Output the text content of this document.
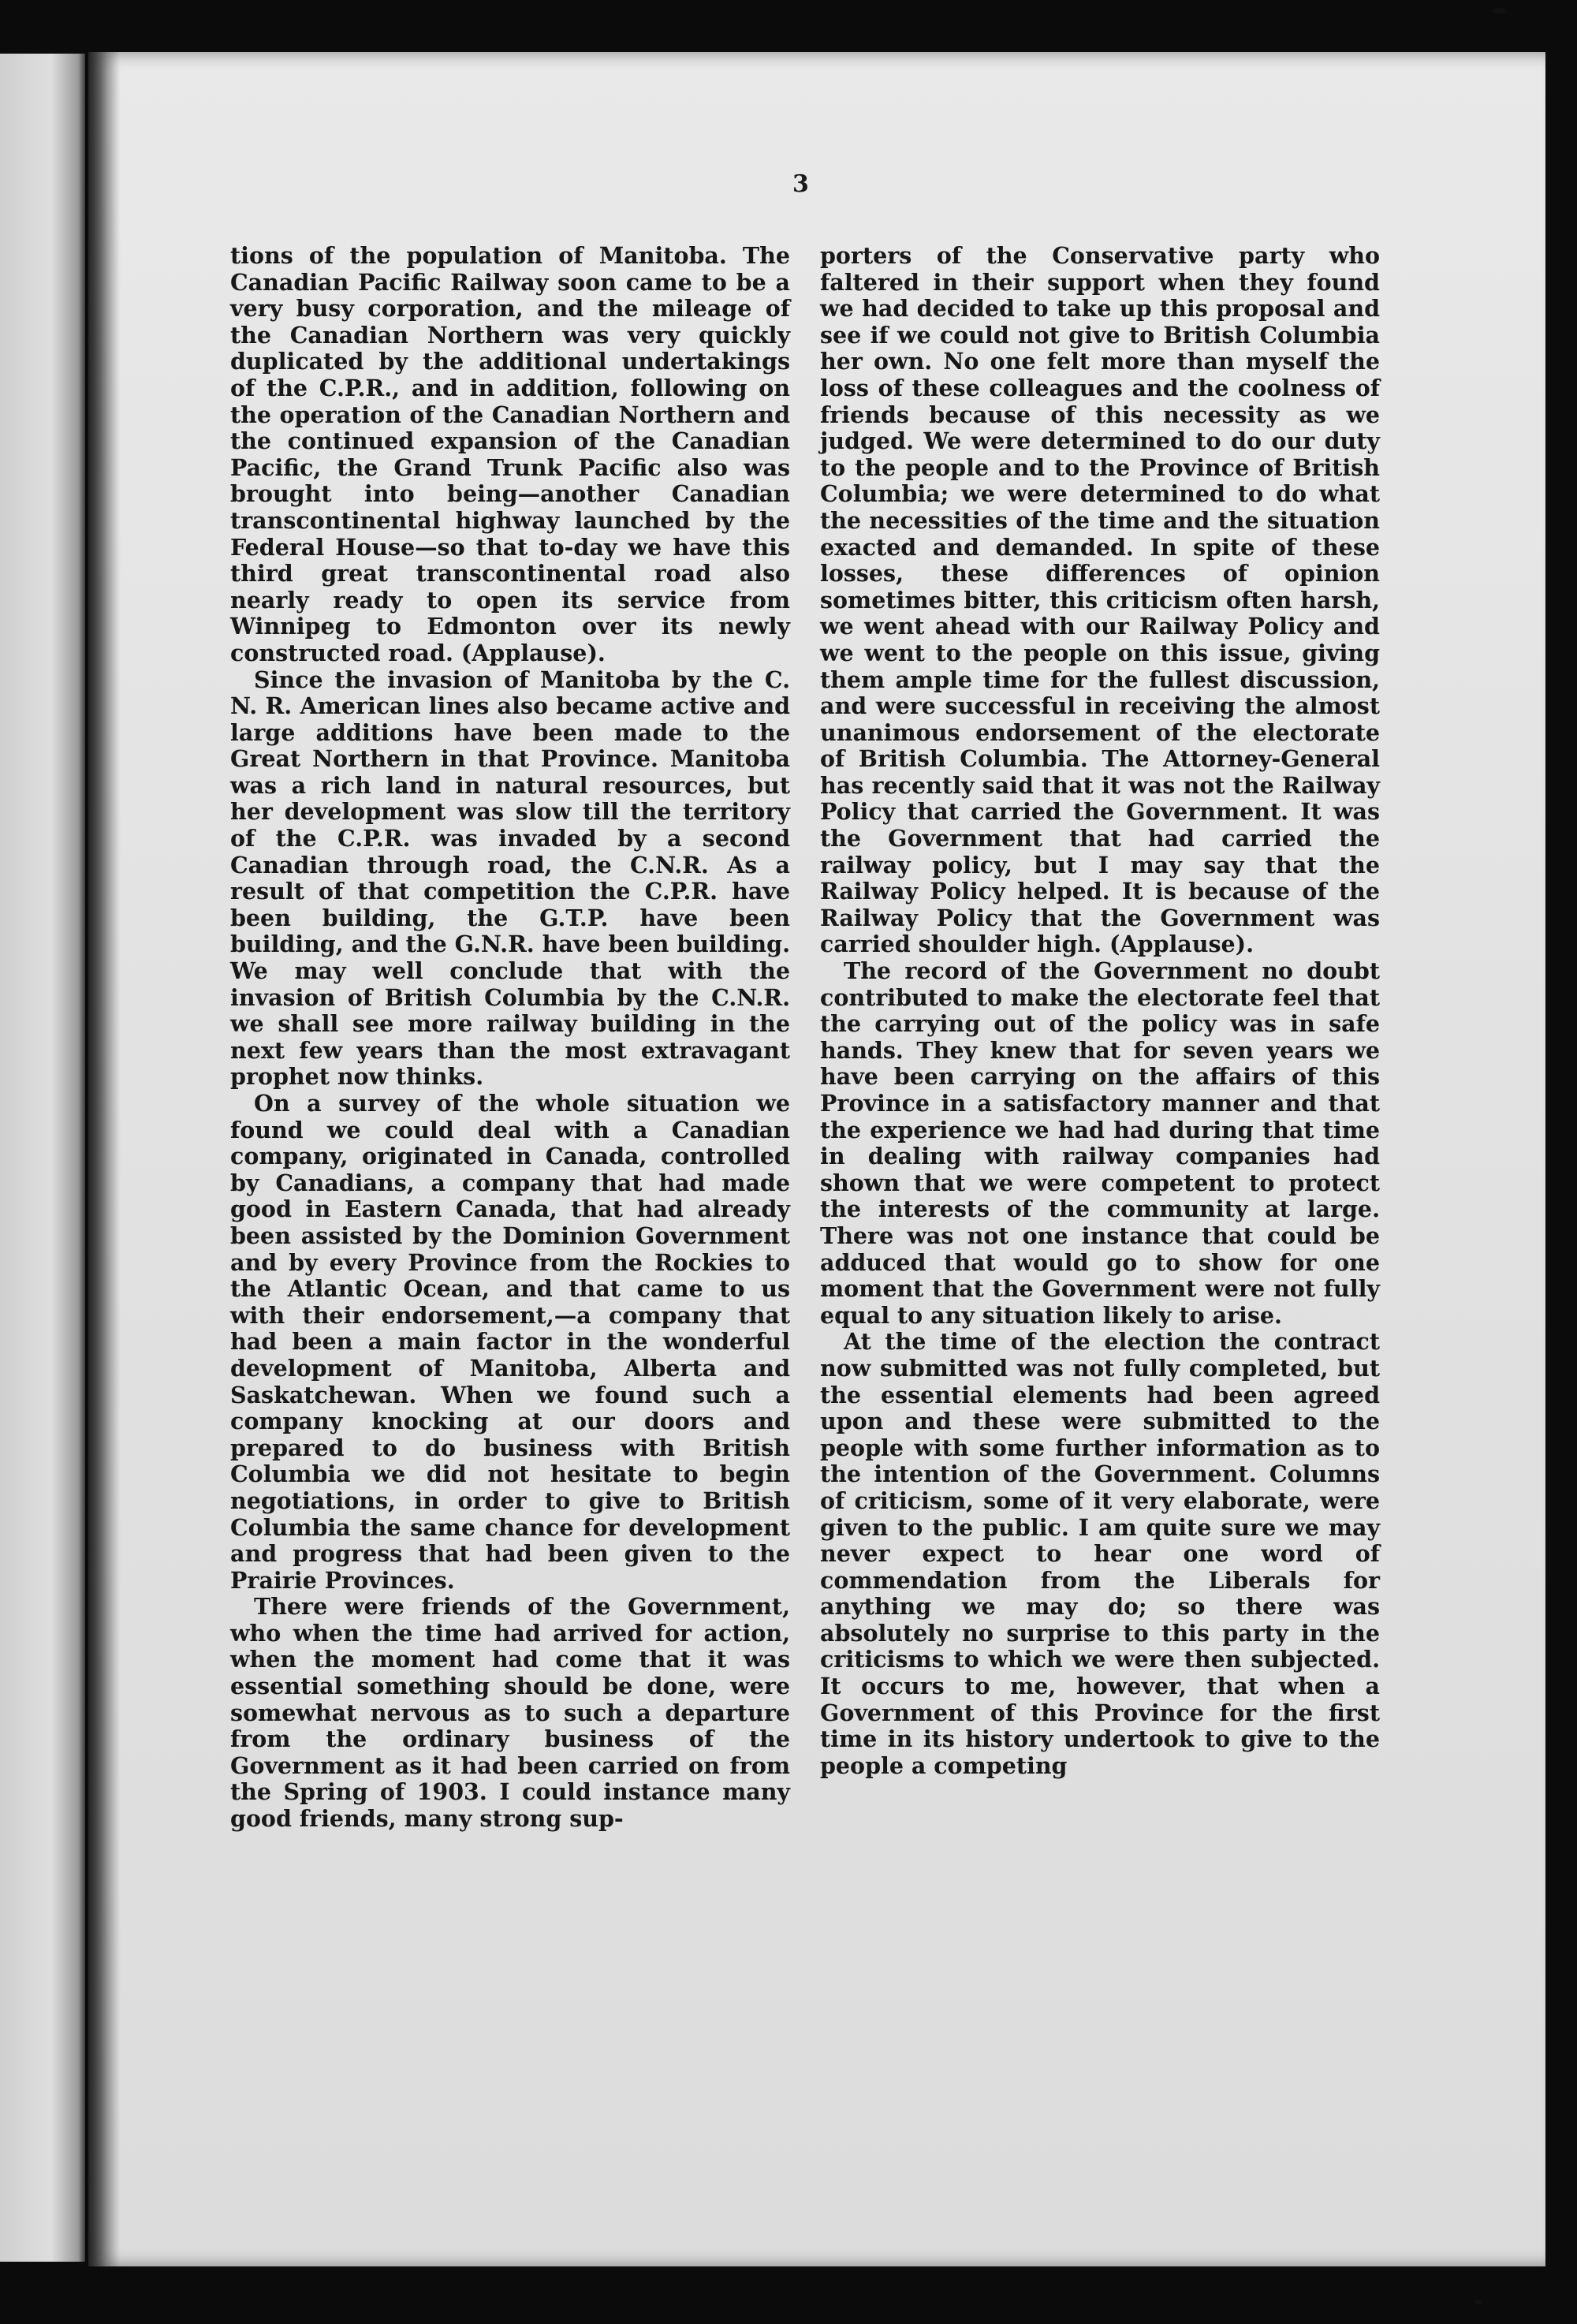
3

tions of the population of Manitoba. The Canadian Pacific Railway soon came to be a very busy corporation, and the mileage of the Canadian Northern was very quickly duplicated by the additional undertakings of the C.P.R., and in addition, following on the operation of the Canadian Northern and the continued expansion of the Canadian Pacific, the Grand Trunk Pacific also was brought into being—another Canadian transcontinental highway launched by the Federal House—so that to-day we have this third great transcontinental road also nearly ready to open its service from Winnipeg to Edmonton over its newly constructed road. (Applause).

Since the invasion of Manitoba by the C. N. R. American lines also became active and large additions have been made to the Great Northern in that Province. Manitoba was a rich land in natural resources, but her development was slow till the territory of the C.P.R. was invaded by a second Canadian through road, the C.N.R. As a result of that competition the C.P.R. have been building, the G.T.P. have been building, and the G.N.R. have been building. We may well conclude that with the invasion of British Columbia by the C.N.R. we shall see more railway building in the next few years than the most extravagant prophet now thinks.

On a survey of the whole situation we found we could deal with a Canadian company, originated in Canada, controlled by Canadians, a company that had made good in Eastern Canada, that had already been assisted by the Dominion Government and by every Province from the Rockies to the Atlantic Ocean, and that came to us with their endorsement,—a company that had been a main factor in the wonderful development of Manitoba, Alberta and Saskatchewan. When we found such a company knocking at our doors and prepared to do business with British Columbia we did not hesitate to begin negotiations, in order to give to British Columbia the same chance for development and progress that had been given to the Prairie Provinces.

There were friends of the Government, who when the time had arrived for action, when the moment had come that it was essential something should be done, were somewhat nervous as to such a departure from the ordinary business of the Government as it had been carried on from the Spring of 1903. I could instance many good friends, many strong sup-

porters of the Conservative party who faltered in their support when they found we had decided to take up this proposal and see if we could not give to British Columbia her own. No one felt more than myself the loss of these colleagues and the coolness of friends because of this necessity as we judged. We were determined to do our duty to the people and to the Province of British Columbia; we were determined to do what the necessities of the time and the situation exacted and demanded. In spite of these losses, these differences of opinion sometimes bitter, this criticism often harsh, we went ahead with our Railway Policy and we went to the people on this issue, giving them ample time for the fullest discussion, and were successful in receiving the almost unanimous endorsement of the electorate of British Columbia. The Attorney-General has recently said that it was not the Railway Policy that carried the Government. It was the Government that had carried the railway policy, but I may say that the Railway Policy helped. It is because of the Railway Policy that the Government was carried shoulder high. (Applause).

The record of the Government no doubt contributed to make the electorate feel that the carrying out of the policy was in safe hands. They knew that for seven years we have been carrying on the affairs of this Province in a satisfactory manner and that the experience we had had during that time in dealing with railway companies had shown that we were competent to protect the interests of the community at large. There was not one instance that could be adduced that would go to show for one moment that the Government were not fully equal to any situation likely to arise.

At the time of the election the contract now submitted was not fully completed, but the essential elements had been agreed upon and these were submitted to the people with some further information as to the intention of the Government. Columns of criticism, some of it very elaborate, were given to the public. I am quite sure we may never expect to hear one word of commendation from the Liberals for anything we may do; so there was absolutely no surprise to this party in the criticisms to which we were then subjected. It occurs to me, however, that when a Government of this Province for the first time in its history undertook to give to the people a competing
